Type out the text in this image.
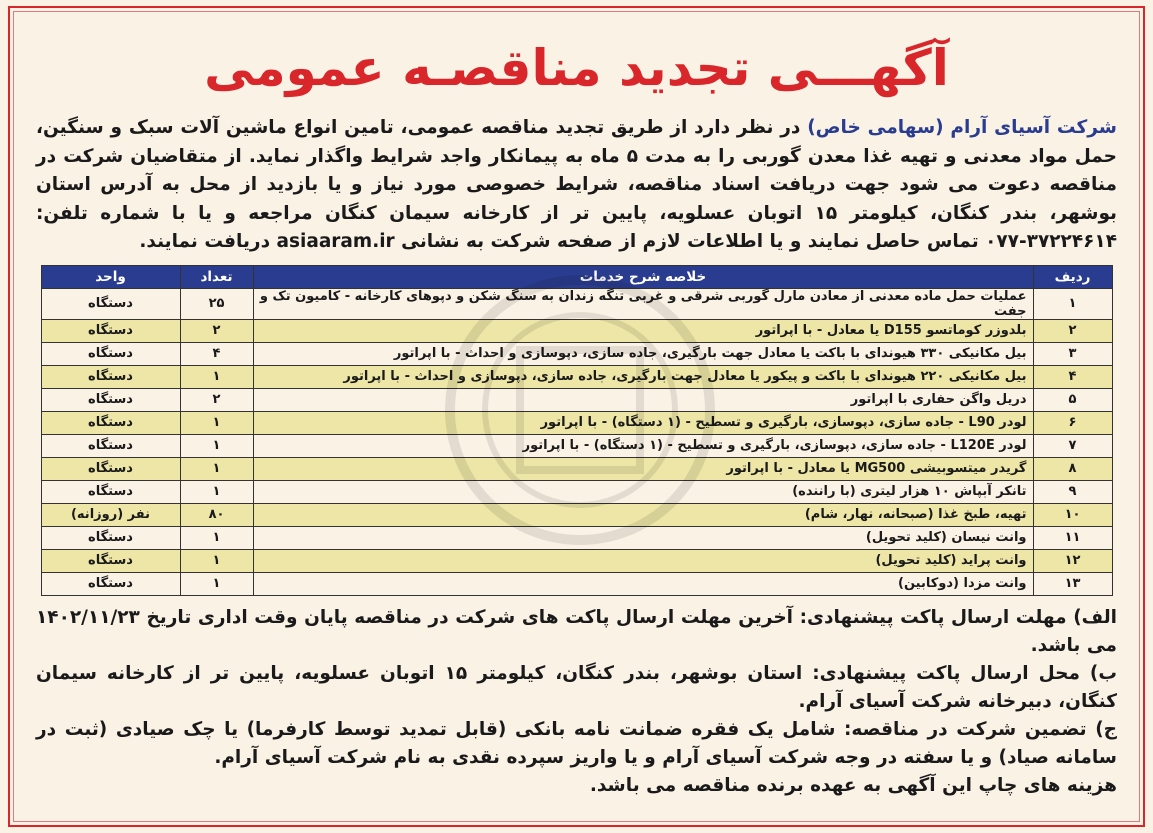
آگهـــی تجدید مناقصـه عمومی
شرکت آسیای آرام (سهامی خاص) در نظر دارد از طریق تجدید مناقصه عمومی، تامین انواع ماشین آلات سبک و سنگین، حمل مواد معدنی و تهیه غذا معدن گوربی را به مدت ۵ ماه به پیمانکار واجد شرایط واگذار نماید. از متقاضیان شرکت در مناقصه دعوت می شود جهت دریافت اسناد مناقصه، شرایط خصوصی مورد نیاز و یا بازدید از محل به آدرس استان بوشهر، بندر کنگان، کیلومتر ۱۵ اتوبان عسلویه، پایین تر از کارخانه سیمان کنگان مراجعه و یا با شماره تلفن: ۳۷۲۲۴۶۱۴-۰۷۷ تماس حاصل نمایند و یا اطلاعات لازم از صفحه شرکت به نشانی asiaaram.ir دریافت نمایند.
ردیف	خلاصه شرح خدمات	تعداد	واحد
۱	عملیات حمل ماده معدنی از معادن مارل گوربی شرقی و غربی تنگه زندان به سنگ شکن و دپوهای کارخانه - کامیون تک و جفت	۲۵	دستگاه
۲	بلدوزر کوماتسو D155 یا معادل - با اپراتور	۲	دستگاه
۳	بیل مکانیکی ۳۳۰ هیوندای با باکت یا معادل جهت بارگیری، جاده سازی، دپوسازی و احداث - با اپراتور	۴	دستگاه
۴	بیل مکانیکی ۲۲۰ هیوندای با باکت و پیکور یا معادل جهت بارگیری، جاده سازی، دپوسازی و احداث - با اپراتور	۱	دستگاه
۵	دریل واگن حفاری با اپراتور	۲	دستگاه
۶	لودر L90 - جاده سازی، دپوسازی، بارگیری و تسطیح - (۱ دستگاه) - با اپراتور	۱	دستگاه
۷	لودر L120E - جاده سازی، دپوسازی، بارگیری و تسطیح - (۱ دستگاه) - با اپراتور	۱	دستگاه
۸	گریدر میتسوبیشی MG500 یا معادل - با اپراتور	۱	دستگاه
۹	تانکر آبپاش ۱۰ هزار لیتری (با راننده)	۱	دستگاه
۱۰	تهیه، طبخ غذا (صبحانه، نهار، شام)	۸۰	نفر (روزانه)
۱۱	وانت نیسان (کلید تحویل)	۱	دستگاه
۱۲	وانت پراید (کلید تحویل)	۱	دستگاه
۱۳	وانت مزدا (دوکابین)	۱	دستگاه

الف) مهلت ارسال پاکت پیشنهادی: آخرین مهلت ارسال پاکت های شرکت در مناقصه پایان وقت اداری تاریخ ۱۴۰۲/۱۱/۲۳ می باشد.

ب) محل ارسال پاکت پیشنهادی: استان بوشهر، بندر کنگان، کیلومتر ۱۵ اتوبان عسلویه، پایین تر از کارخانه سیمان کنگان، دبیرخانه شرکت آسیای آرام.

ج) تضمین شرکت در مناقصه: شامل یک فقره ضمانت نامه بانکی (قابل تمدید توسط کارفرما) یا چک صیادی (ثبت در سامانه صیاد) و یا سفته در وجه شرکت آسیای آرام و یا واریز سپرده نقدی به نام شرکت آسیای آرام.

هزینه های چاپ این آگهی به عهده برنده مناقصه می باشد.
